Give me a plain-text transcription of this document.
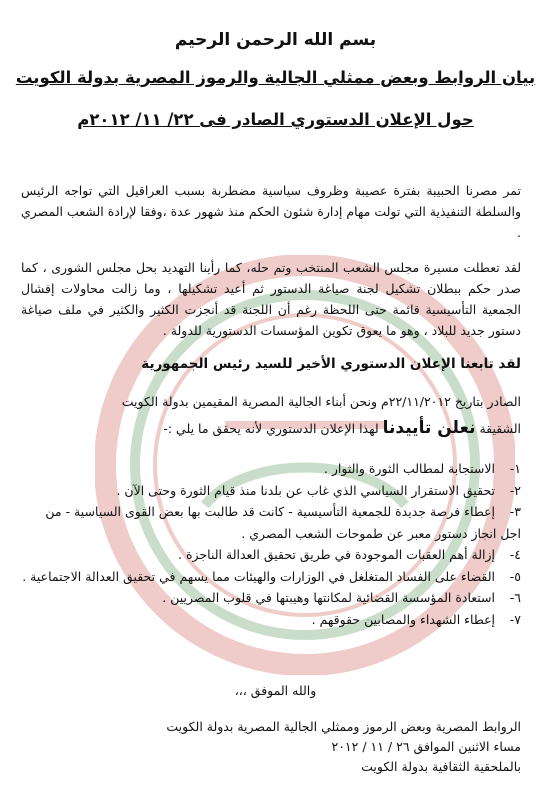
بسم الله الرحمن الرحيم
بيان الروابط وبعض ممثلي الجالية والرموز المصرية بدولة الكويت
حول الإعلان الدستوري الصادر فى ٢٢/ ١١/ ٢٠١٢م
تمر مصرنا الحبيبة بفترة عصيبة وظروف سياسية مضطربة بسبب العراقيل التي تواجه الرئيس والسلطة التنفيذية التي تولت مهام إدارة شئون الحكم منذ شهور عدة ،وفقا لإرادة الشعب المصري .
لقد تعطلت مسيرة مجلس الشعب المنتخب وتم حله، كما رأينا التهديد بحل مجلس الشورى ، كما صدر حكم ببطلان تشكيل لجنة صياغة الدستور ثم أعيد تشكيلها ، وما زالت محاولات إفشال الجمعية التأسيسية قائمة حتى اللحظة رغم أن اللجنة قد أنجزت الكثير والكثير في ملف صياغة دستور جديد للبلاد ، وهو ما يعوق تكوين المؤسسات الدستورية للدولة .
لقد تابعنا الإعلان الدستوري الأخير للسيد رئيس الجمهورية
الصادر بتاريخ ٢٢/١١/٢٠١٢م ونحن أبناء الجالية المصرية المقيمين بدولة الكويت
الشقيقة نعلن تأييدنا لهذا الإعلان الدستوري لأنه يحقق ما يلي :-
١- الاستجابة لمطالب الثورة والثوار .
٢- تحقيق الاستقرار السياسي الذي غاب عن بلدنا منذ قيام الثورة وحتى الآن .
٣- إعطاء فرصة جديدة للجمعية التأسيسية - كانت قد طالبت بها بعض القوى السياسية - من اجل انجاز دستور معبر عن طموحات الشعب المصري .
٤- إزالة أهم العقبات الموجودة في طريق تحقيق العدالة الناجزة .
٥- القضاء على الفساد المتغلغل في الوزارات والهيئات مما يسهم في تحقيق العدالة الاجتماعية .
٦- استعادة المؤسسة القضائية لمكانتها وهيبتها في قلوب المصريين .
٧- إعطاء الشهداء والمصابين حقوقهم .
والله الموفق ،،،
الروابط المصرية وبعض الرموز وممثلي الجالية المصرية بدولة الكويت
مساء الاثنين الموافق ٢٦ / ١١ / ٢٠١٢
بالملحقية الثقافية بدولة الكويت
